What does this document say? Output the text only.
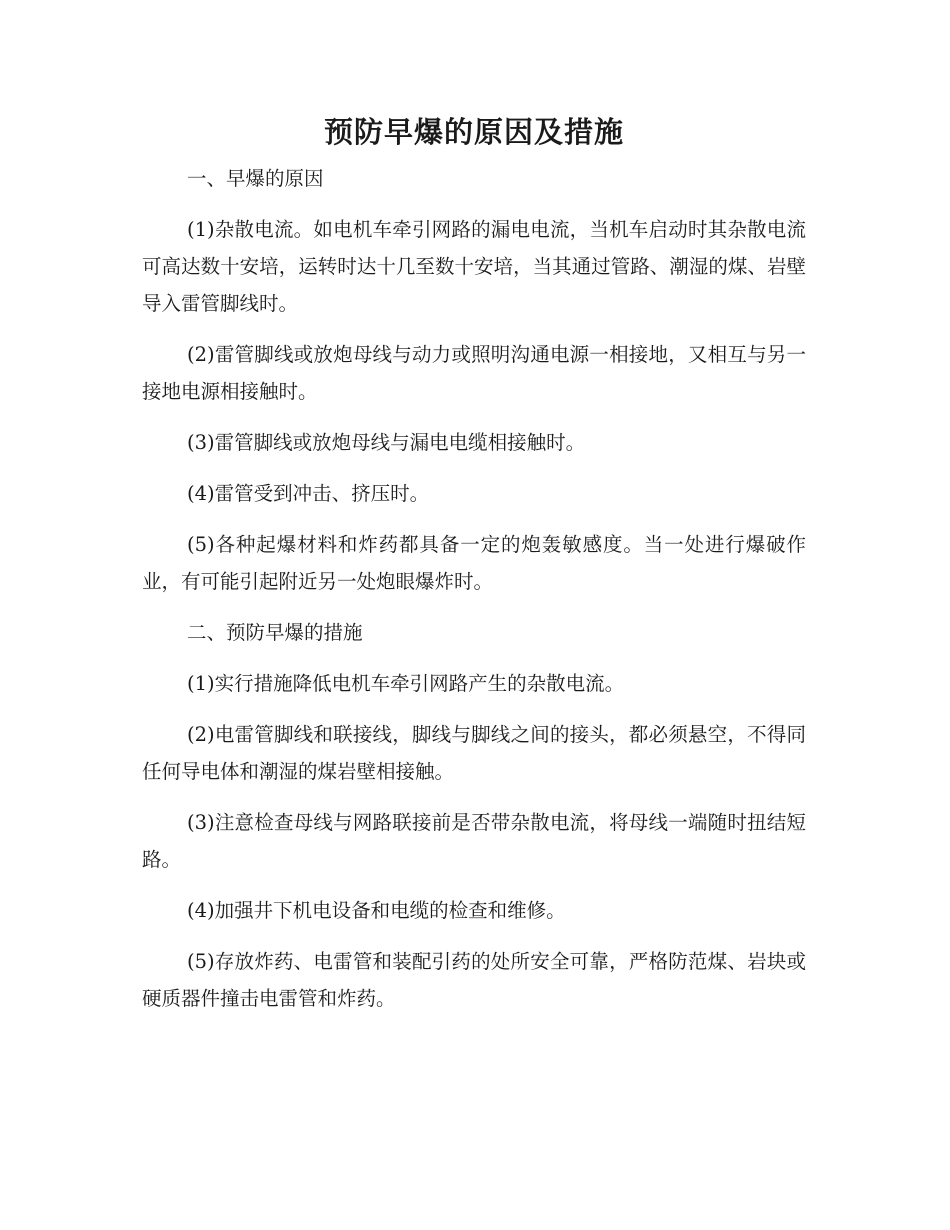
预防早爆的原因及措施

一、早爆的原因

(1)杂散电流。如电机车牵引网路的漏电电流，当机车启动时其杂散电流可高达数十安培，运转时达十几至数十安培，当其通过管路、潮湿的煤、岩壁导入雷管脚线时。

(2)雷管脚线或放炮母线与动力或照明沟通电源一相接地，又相互与另一接地电源相接触时。

(3)雷管脚线或放炮母线与漏电电缆相接触时。

(4)雷管受到冲击、挤压时。

(5)各种起爆材料和炸药都具备一定的炮轰敏感度。当一处进行爆破作业，有可能引起附近另一处炮眼爆炸时。

二、预防早爆的措施

(1)实行措施降低电机车牵引网路产生的杂散电流。

(2)电雷管脚线和联接线，脚线与脚线之间的接头，都必须悬空，不得同任何导电体和潮湿的煤岩壁相接触。

(3)注意检查母线与网路联接前是否带杂散电流，将母线一端随时扭结短路。

(4)加强井下机电设备和电缆的检查和维修。

(5)存放炸药、电雷管和装配引药的处所安全可靠，严格防范煤、岩块或硬质器件撞击电雷管和炸药。
